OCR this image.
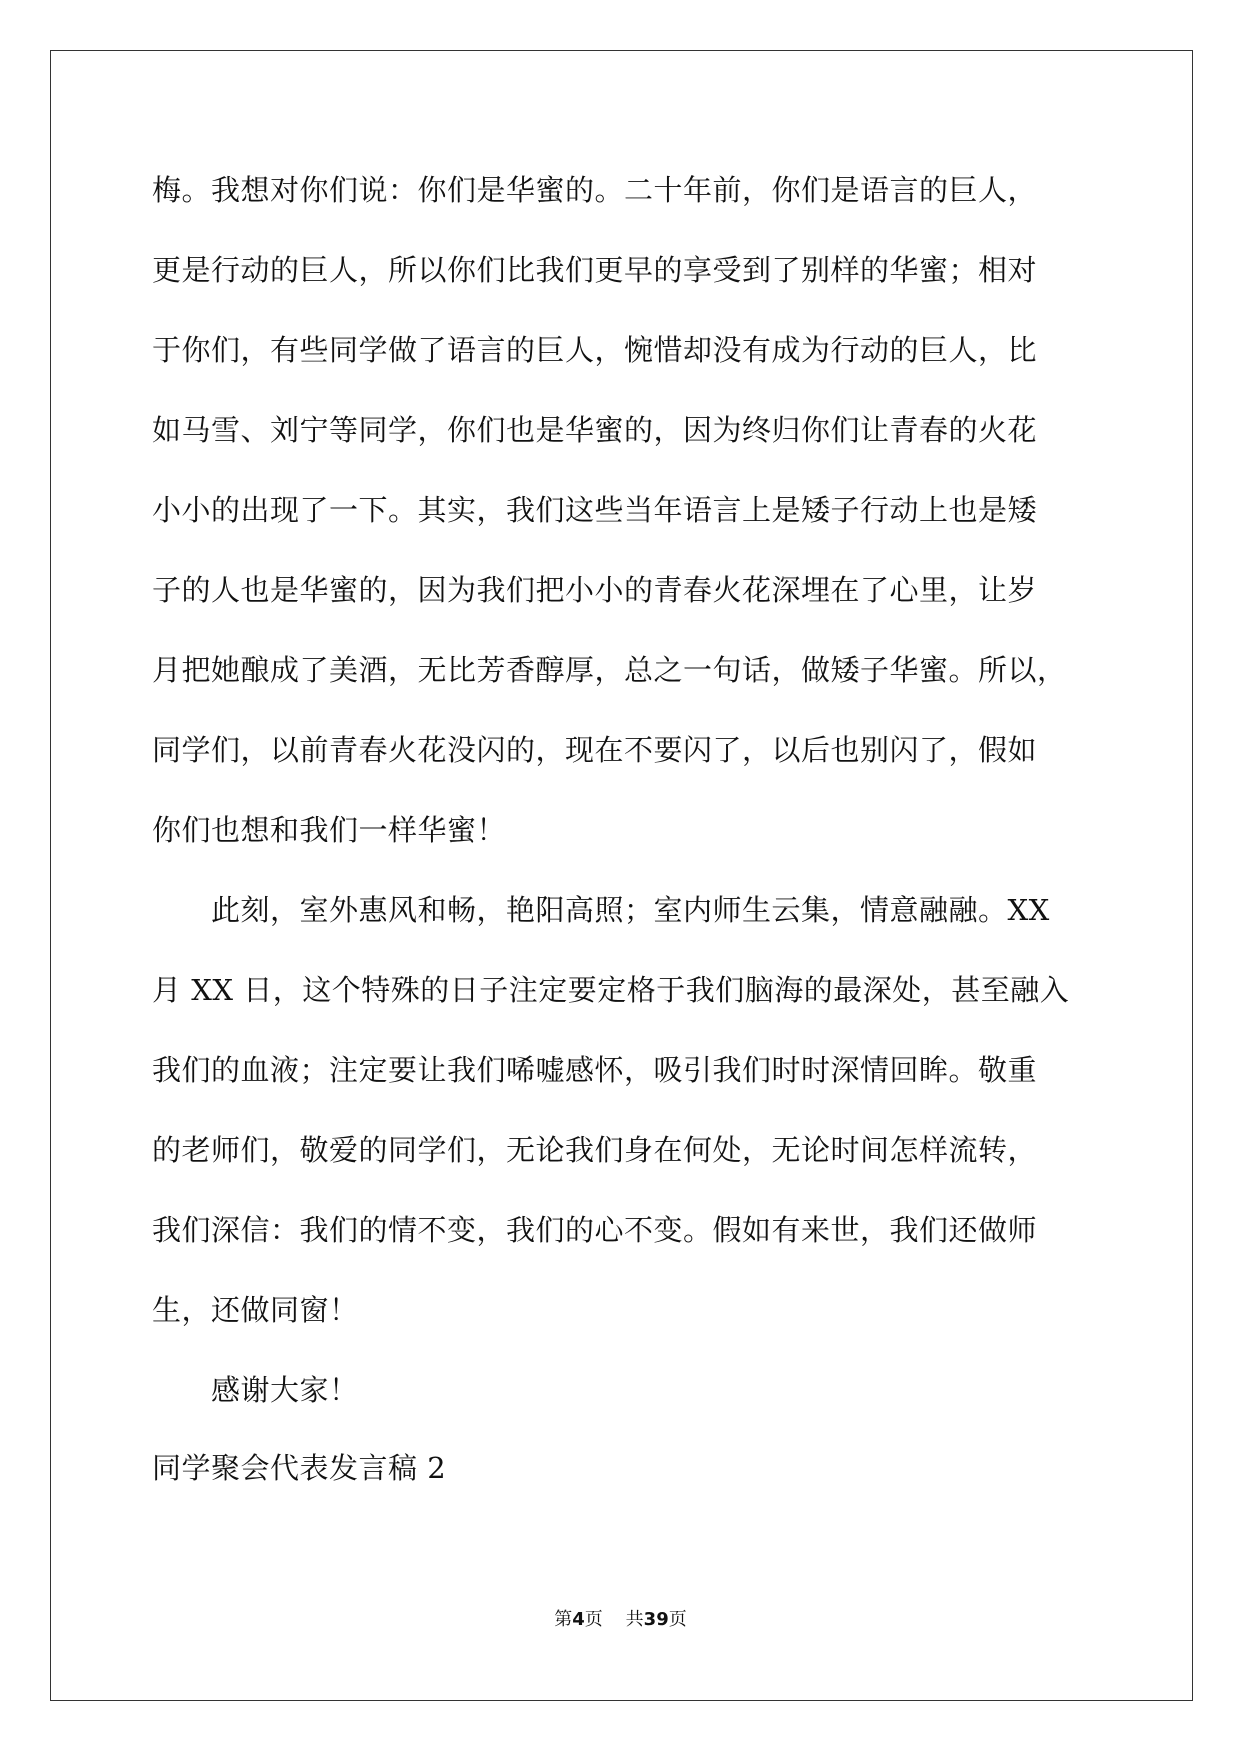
梅。我想对你们说：你们是华蜜的。二十年前，你们是语言的巨人，
更是行动的巨人，所以你们比我们更早的享受到了别样的华蜜；相对
于你们，有些同学做了语言的巨人，惋惜却没有成为行动的巨人，比
如马雪、刘宁等同学，你们也是华蜜的，因为终归你们让青春的火花
小小的出现了一下。其实，我们这些当年语言上是矮子行动上也是矮
子的人也是华蜜的，因为我们把小小的青春火花深埋在了心里，让岁
月把她酿成了美酒，无比芳香醇厚，总之一句话，做矮子华蜜。所以，
同学们，以前青春火花没闪的，现在不要闪了，以后也别闪了，假如
你们也想和我们一样华蜜！
　　此刻，室外惠风和畅，艳阳高照；室内师生云集，情意融融。XX
月 XX 日，这个特殊的日子注定要定格于我们脑海的最深处，甚至融入
我们的血液；注定要让我们唏嘘感怀，吸引我们时时深情回眸。敬重
的老师们，敬爱的同学们，无论我们身在何处，无论时间怎样流转，
我们深信：我们的情不变，我们的心不变。假如有来世，我们还做师
生，还做同窗！
　　感谢大家！
同学聚会代表发言稿 2
第4页 共39页
